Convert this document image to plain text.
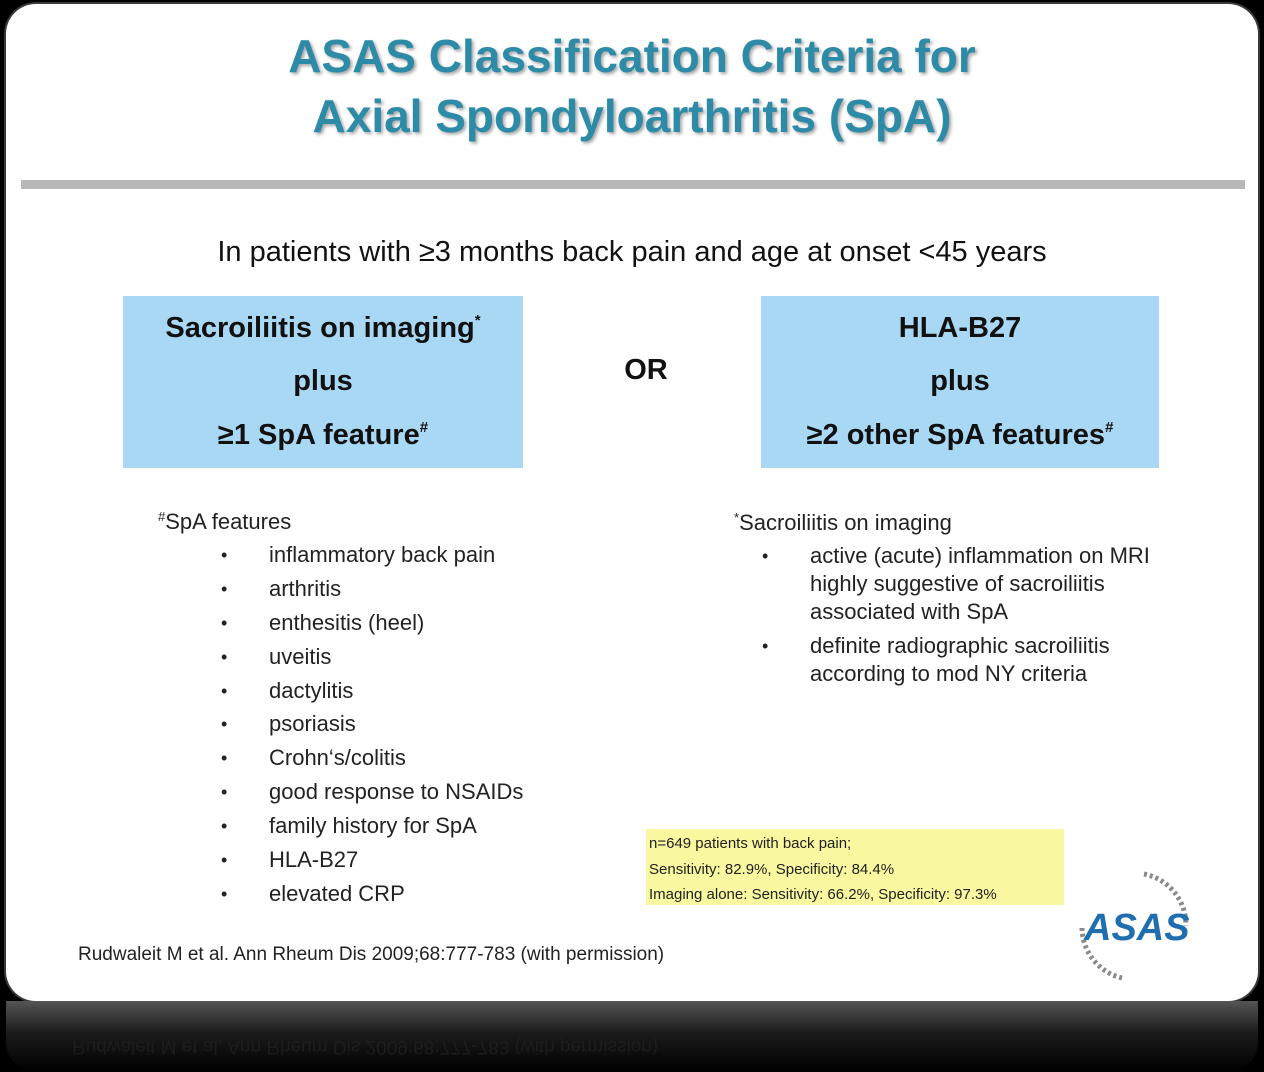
ASAS Classification Criteria for
Axial Spondyloarthritis (SpA)
In patients with ≥3 months back pain and age at onset <45 years
Sacroiliitis on imaging*
plus
≥1 SpA feature#
OR
HLA-B27
plus
≥2 other SpA features#
#SpA features
• inflammatory back pain
• arthritis
• enthesitis (heel)
• uveitis
• dactylitis
• psoriasis
• Crohn‘s/colitis
• good response to NSAIDs
• family history for SpA
• HLA-B27
• elevated CRP
*Sacroiliitis on imaging
• active (acute) inflammation on MRI highly suggestive of sacroiliitis associated with SpA
• definite radiographic sacroiliitis according to mod NY criteria
n=649 patients with back pain;
Sensitivity: 82.9%, Specificity: 84.4%
Imaging alone: Sensitivity: 66.2%, Specificity: 97.3%
Rudwaleit M et al. Ann Rheum Dis 2009;68:777-783 (with permission)
ASAS
Rudwaleit M et al. Ann Rheum Dis 2009;68:777-783 (with permission)
